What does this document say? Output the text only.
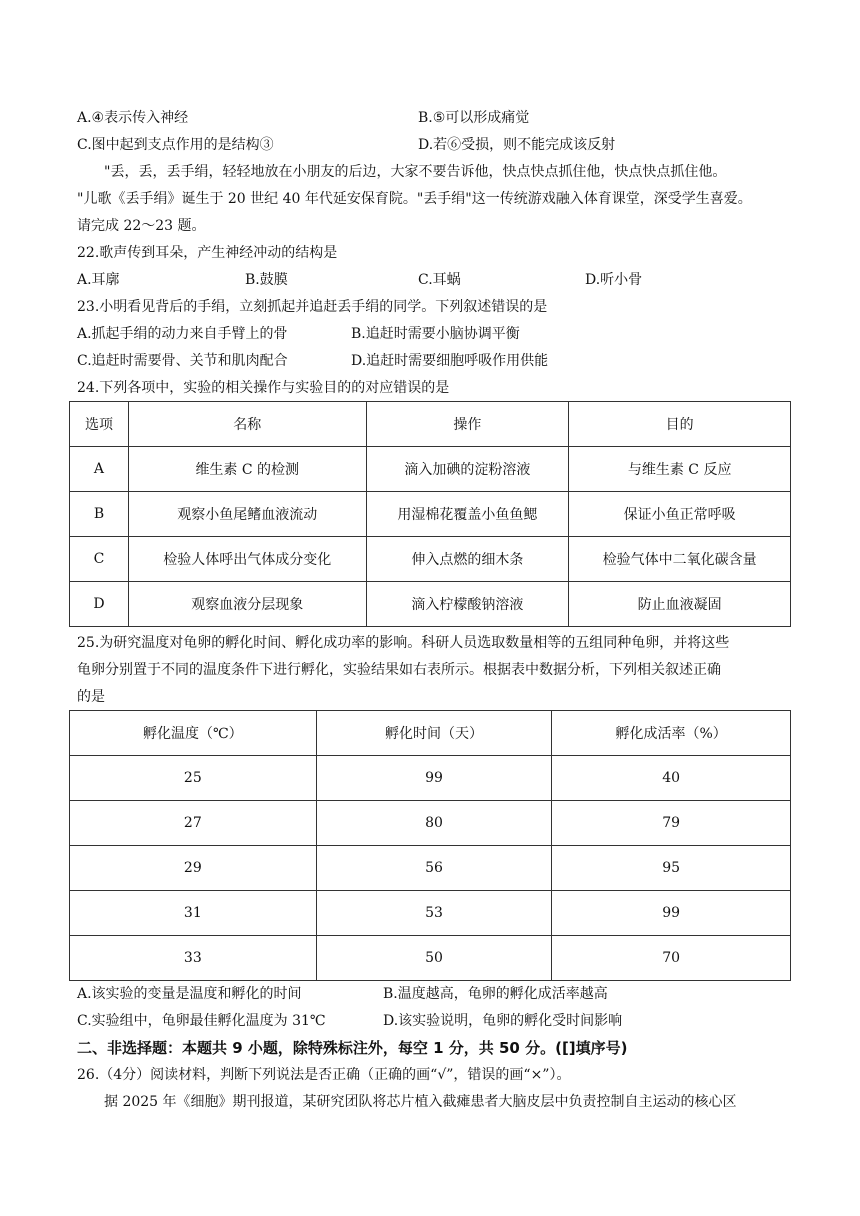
A.④表示传入神经	B.⑤可以形成痛觉
C.图中起到支点作用的是结构③	D.若⑥受损，则不能完成该反射
"丢，丢，丢手绢，轻轻地放在小朋友的后边，大家不要告诉他，快点快点抓住他，快点快点抓住他。
"儿歌《丢手绢》诞生于 20 世纪 40 年代延安保育院。"丢手绢"这一传统游戏融入体育课堂，深受学生喜爱。
请完成 22～23 题。
22.歌声传到耳朵，产生神经冲动的结构是
A.耳廓	B.鼓膜	C.耳蜗	D.听小骨
23.小明看见背后的手绢，立刻抓起并追赶丢手绢的同学。下列叙述错误的是
A.抓起手绢的动力来自手臂上的骨	B.追赶时需要小脑协调平衡
C.追赶时需要骨、关节和肌肉配合	D.追赶时需要细胞呼吸作用供能
24.下列各项中，实验的相关操作与实验目的的对应错误的是
选项	名称	操作	目的
A	维生素 C 的检测	滴入加碘的淀粉溶液	与维生素 C 反应
B	观察小鱼尾鳍血液流动	用湿棉花覆盖小鱼鱼鳃	保证小鱼正常呼吸
C	检验人体呼出气体成分变化	伸入点燃的细木条	检验气体中二氧化碳含量
D	观察血液分层现象	滴入柠檬酸钠溶液	防止血液凝固
25.为研究温度对龟卵的孵化时间、孵化成功率的影响。科研人员选取数量相等的五组同种龟卵，并将这些
龟卵分别置于不同的温度条件下进行孵化，实验结果如右表所示。根据表中数据分析，下列相关叙述正确
的是
孵化温度（℃）	孵化时间（天）	孵化成活率（%）
25	99	40
27	80	79
29	56	95
31	53	99
33	50	70
A.该实验的变量是温度和孵化的时间	B.温度越高，龟卵的孵化成活率越高
C.实验组中，龟卵最佳孵化温度为 31℃	D.该实验说明，龟卵的孵化受时间影响
二、非选择题：本题共 9 小题，除特殊标注外，每空 1 分，共 50 分。([]填序号)
26.（4分）阅读材料，判断下列说法是否正确（正确的画“√”，错误的画“×”）。
据 2025 年《细胞》期刊报道，某研究团队将芯片植入截瘫患者大脑皮层中负责控制自主运动的核心区
